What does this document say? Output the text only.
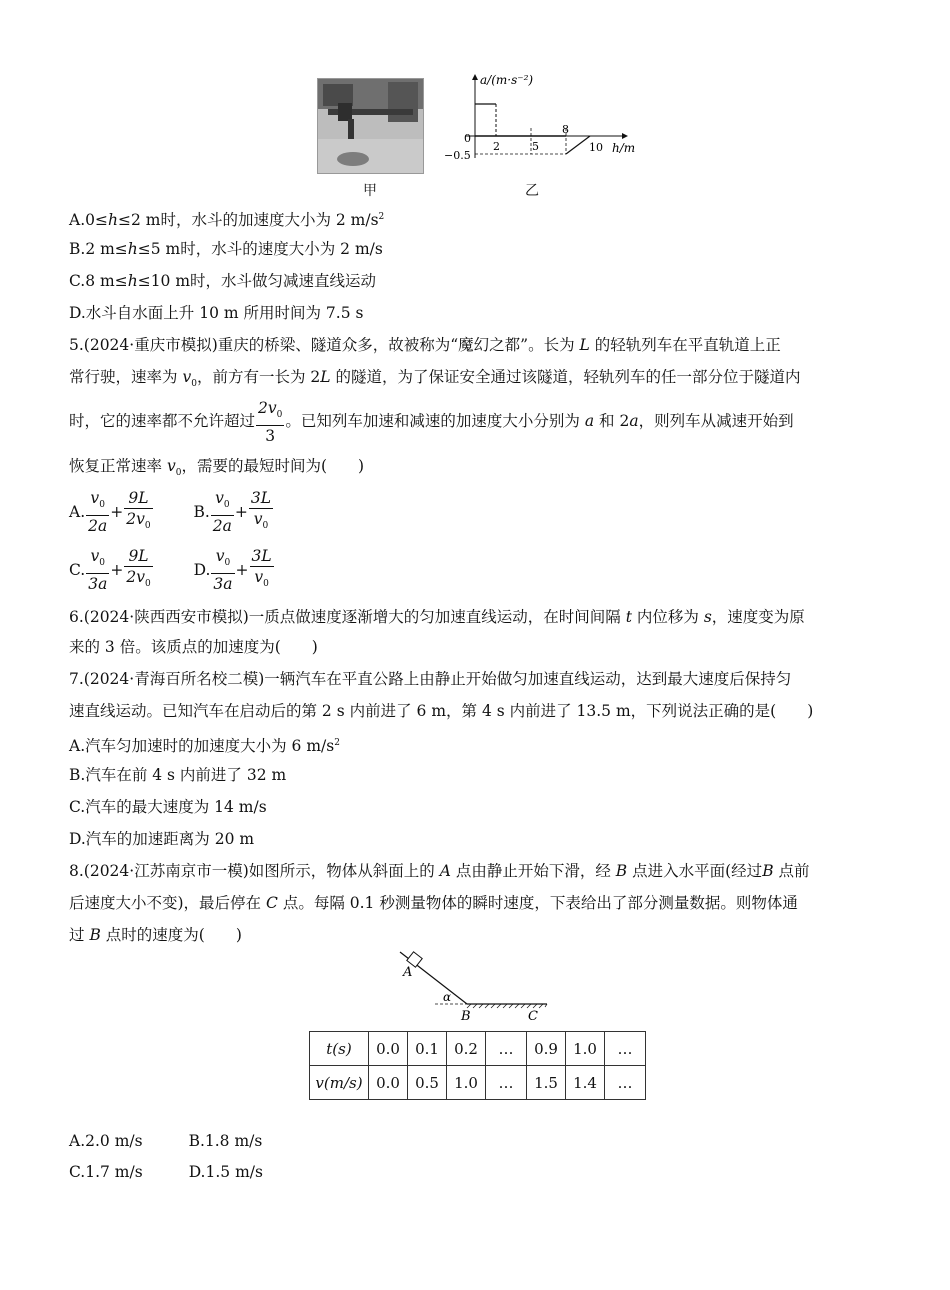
甲
a/(m·s⁻²)
h/m
0
−0.5
2	5
8
10
乙
A.0≤h≤2 m时，水斗的加速度大小为 2 $m/s^2$
B.2 m≤h≤5 m时，水斗的速度大小为 2 m/s
C.8 m≤h≤10 m时，水斗做匀减速直线运动
D.水斗自水面上升 10 m 所用时间为 7.5 s
5.(2024·重庆市模拟)重庆的桥梁、隧道众多，故被称为“魔幻之都”。长为 L 的轻轨列车在平直轨道上正
常行驶，速率为 $v_0$，前方有一长为 2L 的隧道，为了保证安全通过该隧道，轻轨列车的任一部分位于隧道内
时，它的速率都不允许超过 $\frac{2v_0}{3}$ 。已知列车加速和减速的加速度大小分别为 a 和 2a，则列车从减速开始到
恢复正常速率 $v_0$，需要的最短时间为(　　)
A. $\frac{v_0}{2a} + \frac{9L}{2v_0}$
	B. $\frac{v_0}{2a} + \frac{3L}{v_0}$
C. $\frac{v_0}{3a} + \frac{9L}{2v_0}$
	D. $\frac{v_0}{3a} + \frac{3L}{v_0}$
6.(2024·陕西西安市模拟)一质点做速度逐渐增大的匀加速直线运动，在时间间隔 t 内位移为 s，速度变为原
来的 3 倍。该质点的加速度为(　　)
7.(2024·青海百所名校二模)一辆汽车在平直公路上由静止开始做匀加速直线运动，达到最大速度后保持匀
速直线运动。已知汽车在启动后的第 2 s 内前进了 6 m，第 4 s 内前进了 13.5 m，下列说法正确的是(　　)
A.汽车匀加速时的加速度大小为 6 $m/s^2$
B.汽车在前 4 s 内前进了 32 m
C.汽车的最大速度为 14 m/s
D.汽车的加速距离为 20 m
8.(2024·江苏南京市一模)如图所示，物体从斜面上的 A 点由静止开始下滑，经 B 点进入水平面(经过B 点前
后速度大小不变)，最后停在 C 点。每隔 0.1 秒测量物体的瞬时速度，下表给出了部分测量数据。则物体通
过 B 点时的速度为(　　)
A
α
B	C
t(s)	0.0	0.1	0.2	…	0.9	1.0	…
v(m/s)	0.0	0.5	1.0	…	1.5	1.4	…
A.2.0 m/s	B.1.8 m/s
C.1.7 m/s	D.1.5 m/s
